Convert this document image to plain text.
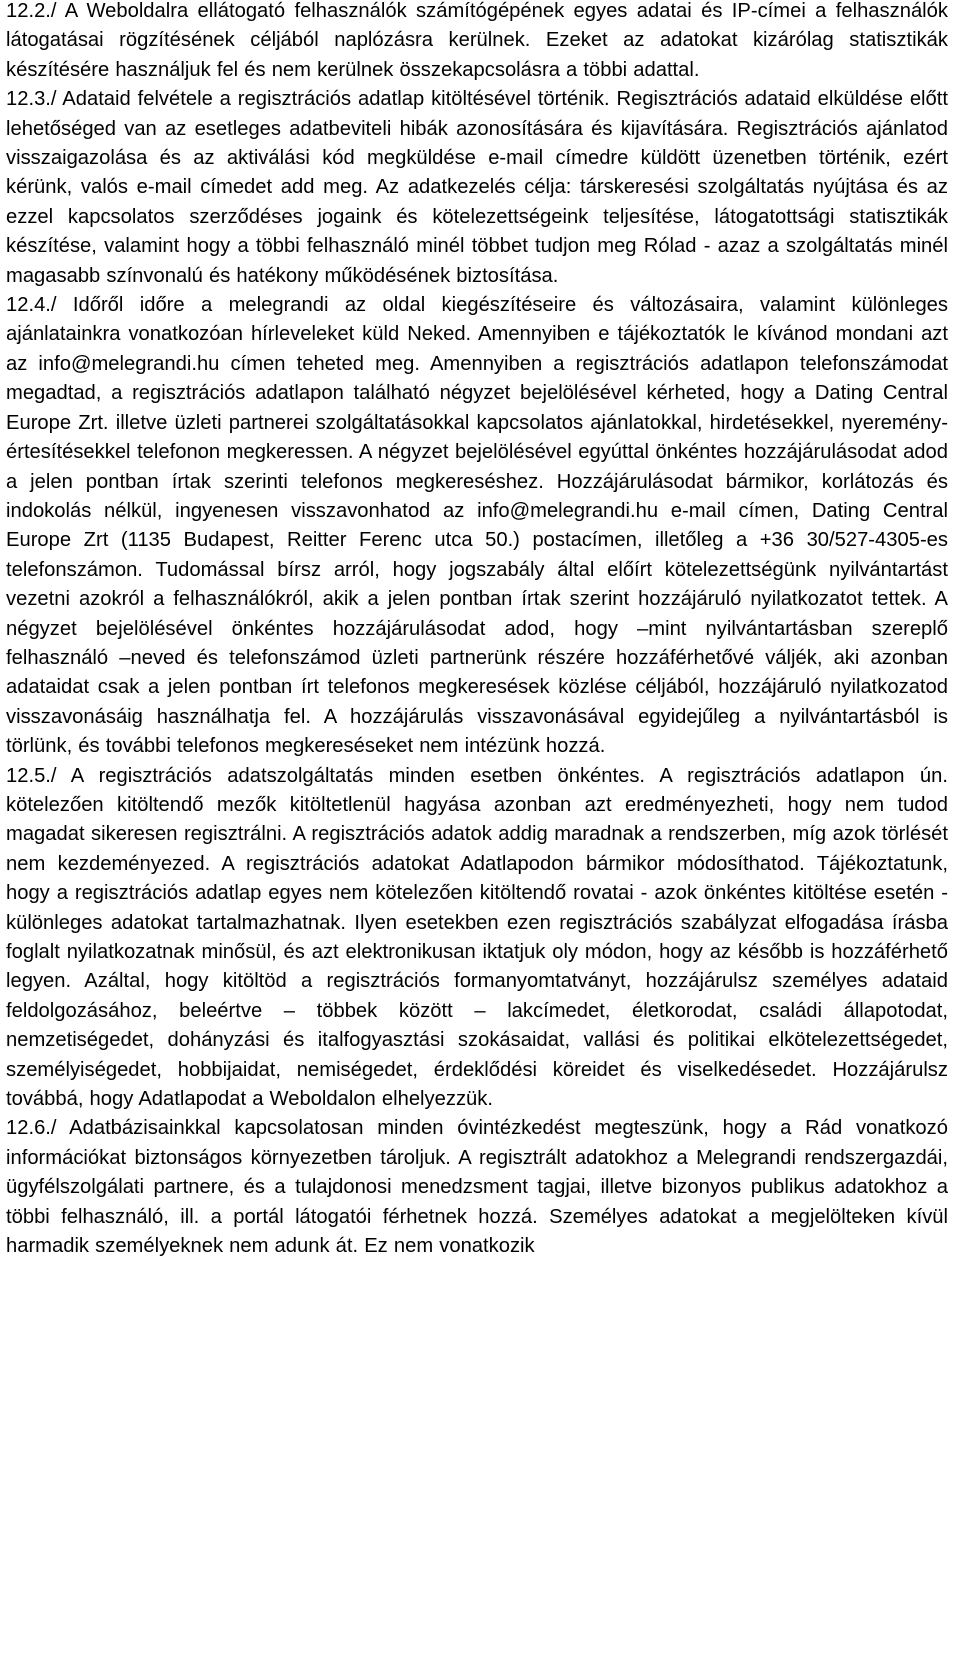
12.2./ A Weboldalra ellátogató felhasználók számítógépének egyes adatai és IP-címei a felhasználók látogatásai rögzítésének céljából naplózásra kerülnek. Ezeket az adatokat kizárólag statisztikák készítésére használjuk fel és nem kerülnek összekapcsolásra a többi adattal.

12.3./ Adataid felvétele a regisztrációs adatlap kitöltésével történik. Regisztrációs adataid elküldése előtt lehetőséged van az esetleges adatbeviteli hibák azonosítására és kijavítására. Regisztrációs ajánlatod visszaigazolása és az aktiválási kód megküldése e-mail címedre küldött üzenetben történik, ezért kérünk, valós e-mail címedet add meg. Az adatkezelés célja: társkeresési szolgáltatás nyújtása és az ezzel kapcsolatos szerződéses jogaink és kötelezettségeink teljesítése, látogatottsági statisztikák készítése, valamint hogy a többi felhasználó minél többet tudjon meg Rólad - azaz a szolgáltatás minél magasabb színvonalú és hatékony működésének biztosítása.

12.4./ Időről időre a melegrandi az oldal kiegészítéseire és változásaira, valamint különleges ajánlatainkra vonatkozóan hírleveleket küld Neked. Amennyiben e tájékoztatók le kívánod mondani azt az info@melegrandi.hu címen teheted meg. Amennyiben a regisztrációs adatlapon telefonszámodat megadtad, a regisztrációs adatlapon található négyzet bejelölésével kérheted, hogy a Dating Central Europe Zrt. illetve üzleti partnerei szolgáltatásokkal kapcsolatos ajánlatokkal, hirdetésekkel, nyeremény-értesítésekkel telefonon megkeressen. A négyzet bejelölésével egyúttal önkéntes hozzájárulásodat adod a jelen pontban írtak szerinti telefonos megkereséshez. Hozzájárulásodat bármikor, korlátozás és indokolás nélkül, ingyenesen visszavonhatod az info@melegrandi.hu e-mail címen, Dating Central Europe Zrt (1135 Budapest, Reitter Ferenc utca 50.) postacímen, illetőleg a +36 30/527-4305-es telefonszámon. Tudomással bírsz arról, hogy jogszabály által előírt kötelezettségünk nyilvántartást vezetni azokról a felhasználókról, akik a jelen pontban írtak szerint hozzájáruló nyilatkozatot tettek. A négyzet bejelölésével önkéntes hozzájárulásodat adod, hogy –mint nyilvántartásban szereplő felhasználó –neved és telefonszámod üzleti partnerünk részére hozzáférhetővé váljék, aki azonban adataidat csak a jelen pontban írt telefonos megkeresések közlése céljából, hozzájáruló nyilatkozatod visszavonásáig használhatja fel. A hozzájárulás visszavonásával egyidejűleg a nyilvántartásból is törlünk, és további telefonos megkereséseket nem intézünk hozzá.

12.5./ A regisztrációs adatszolgáltatás minden esetben önkéntes. A regisztrációs adatlapon ún. kötelezően kitöltendő mezők kitöltetlenül hagyása azonban azt eredményezheti, hogy nem tudod magadat sikeresen regisztrálni. A regisztrációs adatok addig maradnak a rendszerben, míg azok törlését nem kezdeményezed. A regisztrációs adatokat Adatlapodon bármikor módosíthatod. Tájékoztatunk, hogy a regisztrációs adatlap egyes nem kötelezően kitöltendő rovatai - azok önkéntes kitöltése esetén - különleges adatokat tartalmazhatnak. Ilyen esetekben ezen regisztrációs szabályzat elfogadása írásba foglalt nyilatkozatnak minősül, és azt elektronikusan iktatjuk oly módon, hogy az később is hozzáférhető legyen. Azáltal, hogy kitöltöd a regisztrációs formanyomtatványt, hozzájárulsz személyes adataid feldolgozásához, beleértve – többek között – lakcímedet, életkorodat, családi állapotodat, nemzetiségedet, dohányzási és italfogyasztási szokásaidat, vallási és politikai elkötelezettségedet, személyiségedet, hobbijaidat, nemiségedet, érdeklődési köreidet és viselkedésedet. Hozzájárulsz továbbá, hogy Adatlapodat a Weboldalon elhelyezzük.

12.6./ Adatbázisainkkal kapcsolatosan minden óvintézkedést megteszünk, hogy a Rád vonatkozó információkat biztonságos környezetben tároljuk. A regisztrált adatokhoz a Melegrandi rendszergazdái, ügyfélszolgálati partnere, és a tulajdonosi menedzsment tagjai, illetve bizonyos publikus adatokhoz a többi felhasználó, ill. a portál látogatói férhetnek hozzá. Személyes adatokat a megjelölteken kívül harmadik személyeknek nem adunk át. Ez nem vonatkozik
